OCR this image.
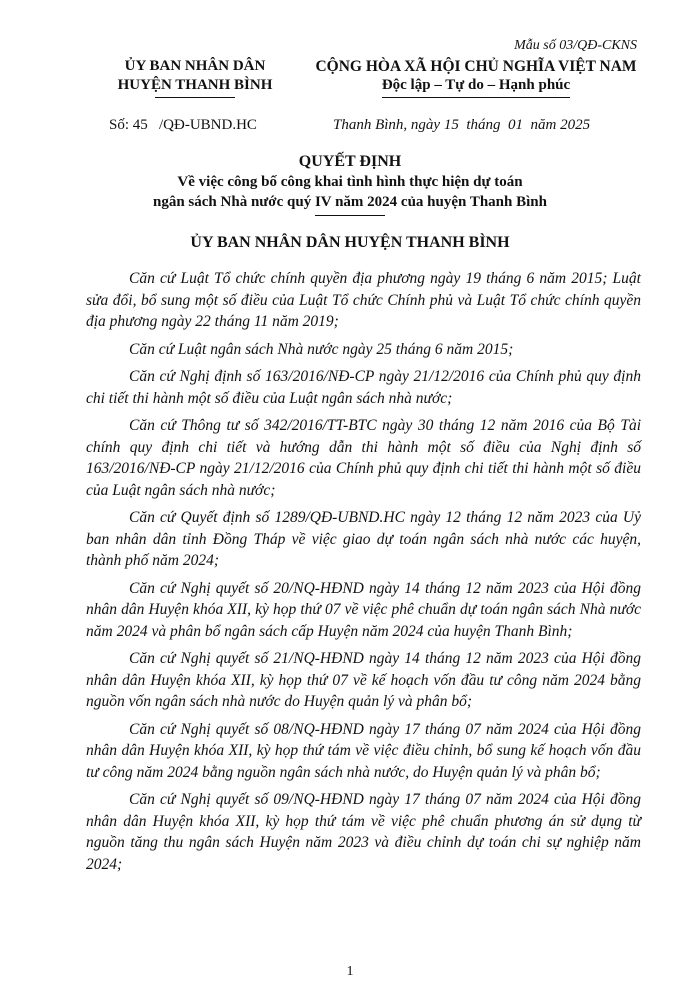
Mẫu số 03/QĐ-CKNS
ỦY BAN NHÂN DÂN
HUYỆN THANH BÌNH
CỘNG HÒA XÃ HỘI CHỦ NGHĨA VIỆT NAM
Độc lập – Tự do – Hạnh phúc
Số: 45   /QĐ-UBND.HC	Thanh Bình, ngày 15  tháng  01  năm 2025
QUYẾT ĐỊNH
Về việc công bố công khai tình hình thực hiện dự toán
ngân sách Nhà nước quý IV năm 2024 của huyện Thanh Bình
ỦY BAN NHÂN DÂN HUYỆN THANH BÌNH

Căn cứ Luật Tổ chức chính quyền địa phương ngày 19 tháng 6 năm 2015; Luật sửa đổi, bổ sung một số điều của Luật Tổ chức Chính phủ và Luật Tổ chức chính quyền địa phương ngày 22 tháng 11 năm 2019;

Căn cứ Luật ngân sách Nhà nước ngày 25 tháng 6 năm 2015;

Căn cứ Nghị định số 163/2016/NĐ-CP ngày 21/12/2016 của Chính phủ quy định chi tiết thi hành một số điều của Luật ngân sách nhà nước;

Căn cứ Thông tư số 342/2016/TT-BTC ngày 30 tháng 12 năm 2016 của Bộ Tài chính quy định chi tiết và hướng dẫn thi hành một số điều của Nghị định số 163/2016/NĐ-CP ngày 21/12/2016 của Chính phủ quy định chi tiết thi hành một số điều của Luật ngân sách nhà nước;

Căn cứ Quyết định số 1289/QĐ-UBND.HC ngày 12 tháng 12 năm 2023 của Uỷ ban nhân dân tỉnh Đồng Tháp về việc giao dự toán ngân sách nhà nước các huyện, thành phố năm 2024;

Căn cứ Nghị quyết số 20/NQ-HĐND ngày 14 tháng 12 năm 2023 của Hội đồng nhân dân Huyện khóa XII, kỳ họp thứ 07 về việc phê chuẩn dự toán ngân sách Nhà nước năm 2024 và phân bổ ngân sách cấp Huyện năm 2024 của huyện Thanh Bình;

Căn cứ Nghị quyết số 21/NQ-HĐND ngày 14 tháng 12 năm 2023 của Hội đồng nhân dân Huyện khóa XII, kỳ họp thứ 07 về kế hoạch vốn đầu tư công năm 2024 bằng nguồn vốn ngân sách nhà nước do Huyện quản lý và phân bổ;

Căn cứ Nghị quyết số 08/NQ-HĐND ngày 17 tháng 07 năm 2024 của Hội đồng nhân dân Huyện khóa XII, kỳ họp thứ tám về việc điều chỉnh, bổ sung kế hoạch vốn đầu tư công năm 2024 bằng nguồn ngân sách nhà nước, do Huyện quản lý và phân bổ;

Căn cứ Nghị quyết số 09/NQ-HĐND ngày 17 tháng 07 năm 2024 của Hội đồng nhân dân Huyện khóa XII, kỳ họp thứ tám về việc phê chuẩn phương án sử dụng từ nguồn tăng thu ngân sách Huyện năm 2023 và điều chỉnh dự toán chi sự nghiệp năm 2024;

1
